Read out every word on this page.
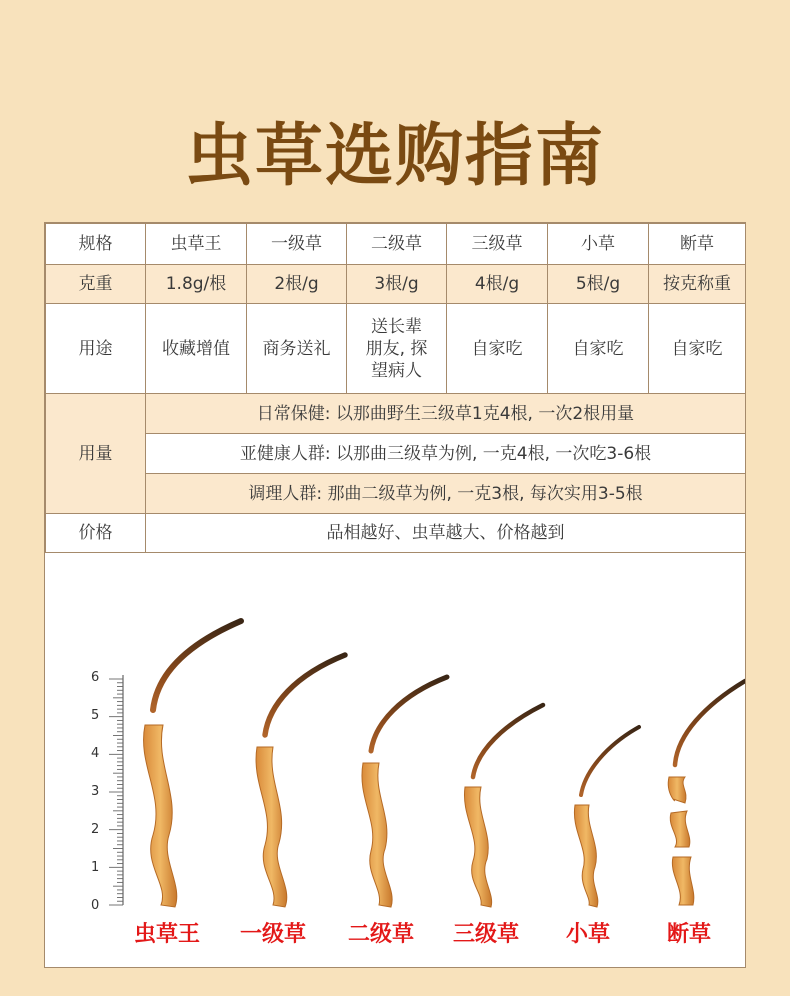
虫草选购指南
规格	虫草王	一级草	二级草	三级草	小草	断草
克重	1.8g/根	2根/g	3根/g	4根/g	5根/g	按克称重
用途	收藏增值	商务送礼	送长辈
朋友, 探
望病人	自家吃	自家吃	自家吃
用量	日常保健: 以那曲野生三级草1克4根, 一次2根用量					
	亚健康人群: 以那曲三级草为例, 一克4根, 一次吃3-6根					
	调理人群: 那曲二级草为例, 一克3根, 每次实用3-5根					
价格	品相越好、虫草越大、价格越到					
0
1
2
3
4
5
6
虫草王	一级草	二级草	三级草	小草	断草
